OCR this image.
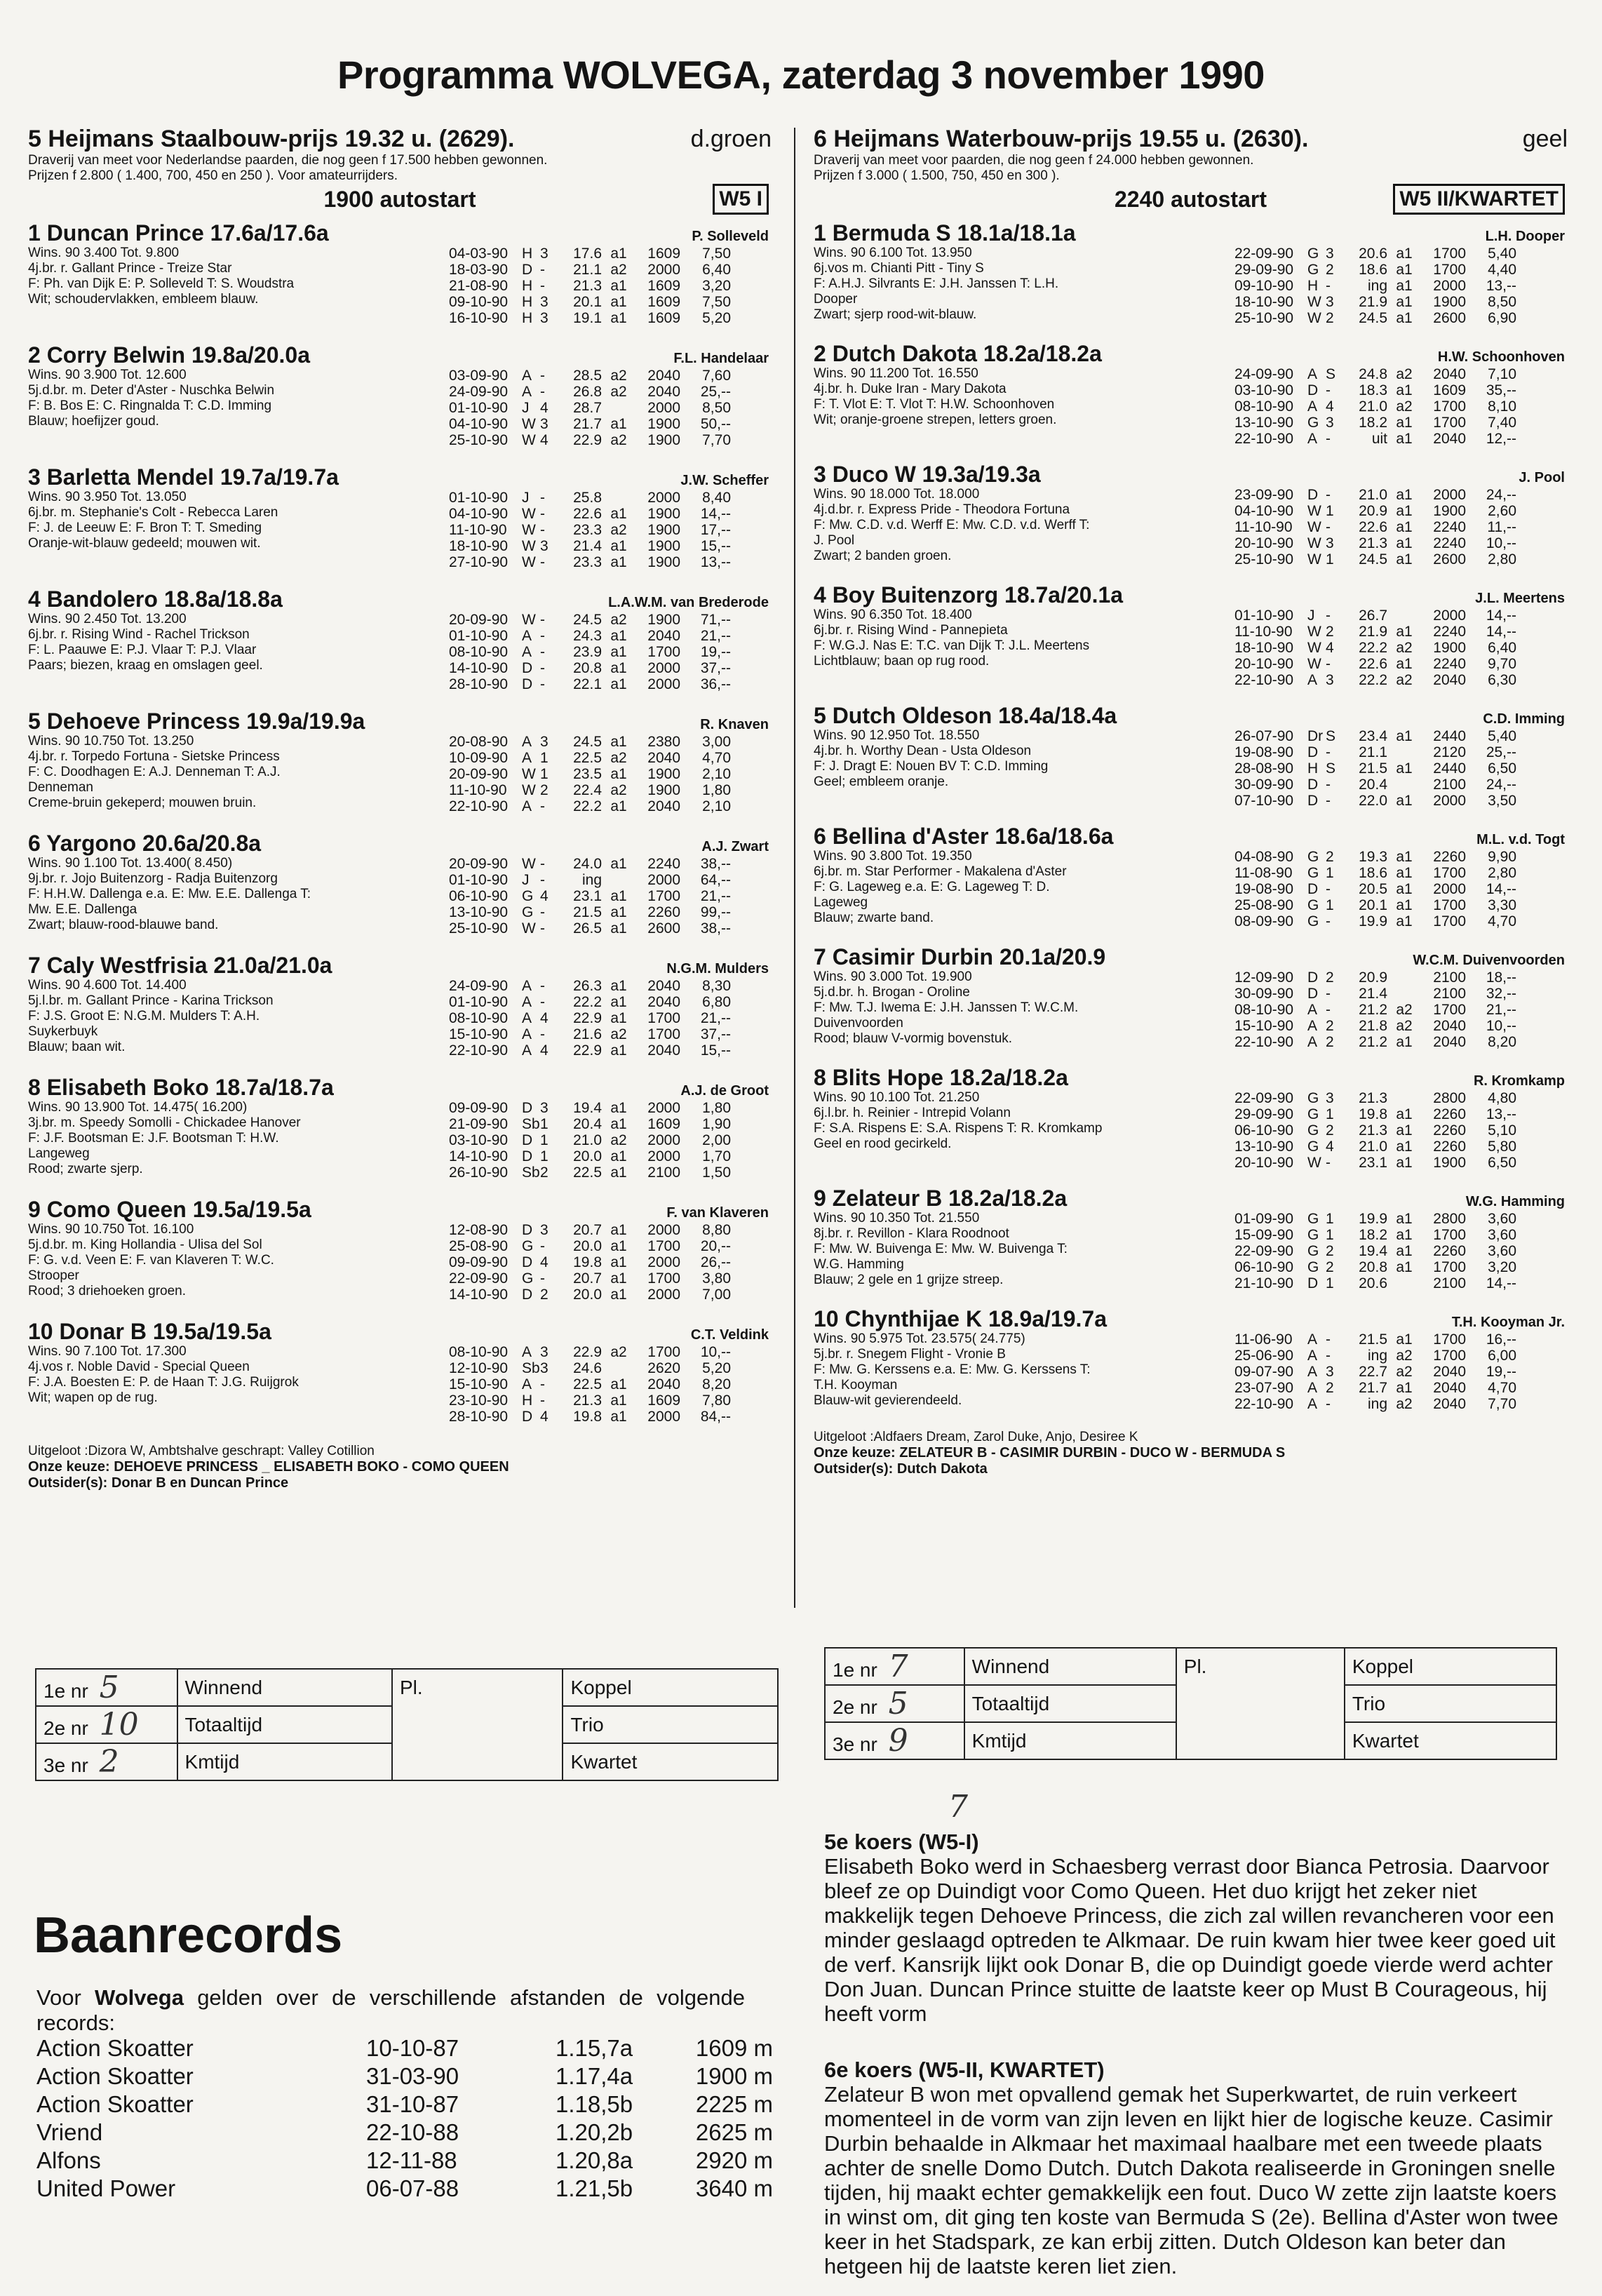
Programma WOLVEGA, zaterdag 3 november 1990
5 Heijmans Staalbouw-prijs 19.32 u. (2629).	d.groen
Draverij van meet voor Nederlandse paarden, die nog geen f 17.500 hebben gewonnen.
Prijzen f 2.800 ( 1.400, 700, 450 en 250 ). Voor amateurrijders.
1900 autostart	W5 I
1 Duncan Prince 17.6a/17.6a	P. Solleveld
Wins. 90 3.400 Tot. 9.800
4j.br. r. Gallant Prince - Treize Star
F: Ph. van Dijk E: P. Solleveld T: S. Woudstra
Wit; schoudervlakken, embleem blauw.
04-03-90 H 3	17.6 a1	1609	7,50
18-03-90 D -	21.1 a2	2000	6,40
21-08-90 H -	21.3 a1	1609	3,20
09-10-90 H 3	20.1 a1	1609	7,50
16-10-90 H 3	19.1 a1	1609	5,20
2 Corry Belwin 19.8a/20.0a	F.L. Handelaar
Wins. 90 3.900 Tot. 12.600
5j.d.br. m. Deter d'Aster - Nuschka Belwin
F: B. Bos E: C. Ringnalda T: C.D. Imming
Blauw; hoefijzer goud.
03-09-90 A -	28.5 a2	2040	7,60
24-09-90 A -	26.8 a2	2040	25,--
01-10-90 J 4	28.7	2000	8,50
04-10-90 W 3	21.7 a1	1900	50,--
25-10-90 W 4	22.9 a2	1900	7,70
3 Barletta Mendel 19.7a/19.7a	J.W. Scheffer
Wins. 90 3.950 Tot. 13.050
6j.br. m. Stephanie's Colt - Rebecca Laren
F: J. de Leeuw E: F. Bron T: T. Smeding
Oranje-wit-blauw gedeeld; mouwen wit.
01-10-90 J -	25.8	2000	8,40
04-10-90 W -	22.6 a1	1900	14,--
11-10-90	W -	23.3 a2	1900	17,--
18-10-90 W 3	21.4 a1	1900	15,--
27-10-90 W -	23.3 a1	1900	13,--
4 Bandolero 18.8a/18.8a	L.A.W.M. van Brederode
Wins. 90 2.450 Tot. 13.200
6j.br. r. Rising Wind - Rachel Trickson
F: L. Paauwe E: P.J. Vlaar T: P.J. Vlaar
Paars; biezen, kraag en omslagen geel.
20-09-90 W -	24.5 a2	1900	71,--
01-10-90 A -	24.3 a1	2040	21,--
08-10-90 A -	23.9 a1	1700	19,--
14-10-90 D -	20.8 a1	2000	37,--
28-10-90 D -	22.1 a1	2000	36,--
5 Dehoeve Princess 19.9a/19.9a	R. Knaven
Wins. 90 10.750 Tot. 13.250
4j.br. r. Torpedo Fortuna - Sietske Princess
F: C. Doodhagen E: A.J. Denneman T: A.J.
Denneman
Creme-bruin gekeperd; mouwen bruin.
20-08-90 A 3	24.5 a1	2380	3,00
10-09-90 A 1	22.5 a2	2040	4,70
20-09-90 W 1	23.5 a1	1900	2,10
11-10-90	W 2	22.4 a2	1900	1,80
22-10-90 A -	22.2 a1	2040	2,10
6 Yargono 20.6a/20.8a	A.J. Zwart
Wins. 90 1.100 Tot. 13.400( 8.450)
9j.br. r. Jojo Buitenzorg - Radja Buitenzorg
F: H.H.W. Dallenga e.a. E: Mw. E.E. Dallenga T:
Mw. E.E. Dallenga
Zwart; blauw-rood-blauwe band.
20-09-90 W -	24.0 a1	2240	38,--
01-10-90 J -	ing	2000	64,--
06-10-90 G 4	23.1 a1	1700	21,--
13-10-90 G -	21.5 a1	2260	99,--
25-10-90 W -	26.5 a1	2600	38,--
7 Caly Westfrisia 21.0a/21.0a	N.G.M. Mulders
Wins. 90 4.600 Tot. 14.400
5j.l.br. m. Gallant Prince - Karina Trickson
F: J.S. Groot E: N.G.M. Mulders T: A.H.
Suykerbuyk
Blauw; baan wit.
24-09-90 A -	26.3 a1	2040	8,30
01-10-90 A -	22.2 a1	2040	6,80
08-10-90 A 4	22.9 a1	1700	21,--
15-10-90 A -	21.6 a2	1700	37,--
22-10-90 A 4	22.9 a1	2040	15,--
8 Elisabeth Boko 18.7a/18.7a	A.J. de Groot
Wins. 90 13.900 Tot. 14.475( 16.200)
3j.br. m. Speedy Somolli - Chickadee Hanover
F: J.F. Bootsman E: J.F. Bootsman T: H.W.
Langeweg
Rood; zwarte sjerp.
09-09-90 D 3	19.4 a1	2000	1,80
21-09-90 Sb 1	20.4 a1	1609	1,90
03-10-90 D 1	21.0 a2	2000	2,00
14-10-90 D 1	20.0 a1	2000	1,70
26-10-90 Sb 2	22.5 a1	2100	1,50
9 Como Queen 19.5a/19.5a	F. van Klaveren
Wins. 90 10.750 Tot. 16.100
5j.d.br. m. King Hollandia - Ulisa del Sol
F: G. v.d. Veen E: F. van Klaveren T: W.C.
Strooper
Rood; 3 driehoeken groen.
12-08-90 D 3	20.7 a1	2000	8,80
25-08-90 G -	20.0 a1	1700	20,--
09-09-90 D 4	19.8 a1	2000	26,--
22-09-90 G -	20.7 a1	1700	3,80
14-10-90 D 2	20.0 a1	2000	7,00
10 Donar B 19.5a/19.5a	C.T. Veldink
Wins. 90 7.100 Tot. 17.300
4j.vos r. Noble David - Special Queen
F: J.A. Boesten E: P. de Haan T: J.G. Ruijgrok
Wit; wapen op de rug.
08-10-90 A 3	22.9 a2	1700	10,--
12-10-90 Sb 3	24.6	2620	5,20
15-10-90 A -	22.5 a1	2040	8,20
23-10-90 H -	21.3 a1	1609	7,80
28-10-90 D 4	19.8 a1	2000	84,--
Uitgeloot :Dizora W, Ambtshalve geschrapt: Valley Cotillion
Onze keuze: DEHOEVE PRINCESS _ ELISABETH BOKO - COMO QUEEN
Outsider(s): Donar B en Duncan Prince
6 Heijmans Waterbouw-prijs 19.55 u. (2630).	geel
Draverij van meet voor paarden, die nog geen f 24.000 hebben gewonnen.
Prijzen f 3.000 ( 1.500, 750, 450 en 300 ).
2240 autostart	W5 II/KWARTET
1 Bermuda S 18.1a/18.1a	L.H. Dooper
Wins. 90 6.100 Tot. 13.950
6j.vos m. Chianti Pitt - Tiny S
F: A.H.J. Silvrants E: J.H. Janssen T: L.H.
Dooper
Zwart; sjerp rood-wit-blauw.
22-09-90 G 3	20.6 a1	1700	5,40
29-09-90 G 2	18.6 a1	1700	4,40
09-10-90 H -	ing a1	2000	13,--
18-10-90 W 3	21.9 a1	1900	8,50
25-10-90 W 2	24.5 a1	2600	6,90
2 Dutch Dakota 18.2a/18.2a	H.W. Schoonhoven
Wins. 90 11.200 Tot. 16.550
4j.br. h. Duke Iran - Mary Dakota
F: T. Vlot E: T. Vlot T: H.W. Schoonhoven
Wit; oranje-groene strepen, letters groen.
24-09-90 A S	24.8 a2	2040	7,10
03-10-90 D -	18.3 a1	1609	35,--
08-10-90 A 4	21.0 a2	1700	8,10
13-10-90 G 3	18.2 a1	1700	7,40
22-10-90 A -	uit a1	2040	12,--
3 Duco W 19.3a/19.3a	J. Pool
Wins. 90 18.000 Tot. 18.000
4j.d.br. r. Express Pride - Theodora Fortuna
F: Mw. C.D. v.d. Werff E: Mw. C.D. v.d. Werff T:
J. Pool
Zwart; 2 banden groen.
23-09-90 D -	21.0 a1	2000	24,--
04-10-90 W 1	20.9 a1	1900	2,60
11-10-90	W -	22.6 a1	2240	11,--
20-10-90 W 3	21.3 a1	2240	10,--
25-10-90 W 1	24.5 a1	2600	2,80
4 Boy Buitenzorg 18.7a/20.1a	J.L. Meertens
Wins. 90 6.350 Tot. 18.400
6j.br. r. Rising Wind - Pannepieta
F: W.G.J. Nas E: T.C. van Dijk T: J.L. Meertens
Lichtblauw; baan op rug rood.
01-10-90 J -	26.7	2000	14,--
11-10-90	W 2	21.9 a1	2240	14,--
18-10-90 W 4	22.2 a2	1900	6,40
20-10-90 W -	22.6 a1	2240	9,70
22-10-90 A 3	22.2 a2	2040	6,30
5 Dutch Oldeson 18.4a/18.4a	C.D. Imming
Wins. 90 12.950 Tot. 18.550
4j.br. h. Worthy Dean - Usta Oldeson
F: J. Dragt E: Nouen BV T: C.D. Imming
Geel; embleem oranje.
26-07-90 Dr S	23.4 a1	2440	5,40
19-08-90 D -	21.1	2120	25,--
28-08-90 H S	21.5 a1	2440	6,50
30-09-90 D -	20.4	2100	24,--
07-10-90 D -	22.0 a1	2000	3,50
6 Bellina d'Aster 18.6a/18.6a	M.L. v.d. Togt
Wins. 90 3.800 Tot. 19.350
6j.br. m. Star Performer - Makalena d'Aster
F: G. Lageweg e.a. E: G. Lageweg T: D.
Lageweg
Blauw; zwarte band.
04-08-90 G 2	19.3 a1	2260	9,90
11-08-90	G 1	18.6 a1	1700	2,80
19-08-90 D -	20.5 a1	2000	14,--
25-08-90 G 1	20.1 a1	1700	3,30
08-09-90 G -	19.9 a1	1700	4,70
7 Casimir Durbin 20.1a/20.9	W.C.M. Duivenvoorden
Wins. 90 3.000 Tot. 19.900
5j.d.br. h. Brogan - Oroline
F: Mw. T.J. Iwema E: J.H. Janssen T: W.C.M.
Duivenvoorden
Rood; blauw V-vormig bovenstuk.
12-09-90 D 2	20.9	2100	18,--
30-09-90 D -	21.4	2100	32,--
08-10-90 A -	21.2 a2	1700	21,--
15-10-90 A 2	21.8 a2	2040	10,--
22-10-90 A 2	21.2 a1	2040	8,20
8 Blits Hope 18.2a/18.2a	R. Kromkamp
Wins. 90 10.100 Tot. 21.250
6j.l.br. h. Reinier - Intrepid Volann
F: S.A. Rispens E: S.A. Rispens T: R. Kromkamp
Geel en rood gecirkeld.
22-09-90 G 3	21.3	2800	4,80
29-09-90 G 1	19.8 a1	2260	13,--
06-10-90 G 2	21.3 a1	2260	5,10
13-10-90 G 4	21.0 a1	2260	5,80
20-10-90 W -	23.1 a1	1900	6,50
9 Zelateur B 18.2a/18.2a	W.G. Hamming
Wins. 90 10.350 Tot. 21.550
8j.br. r. Revillon - Klara Roodnoot
F: Mw. W. Buivenga E: Mw. W. Buivenga T:
W.G. Hamming
Blauw; 2 gele en 1 grijze streep.
01-09-90 G 1	19.9 a1	2800	3,60
15-09-90 G 1	18.2 a1	1700	3,60
22-09-90 G 2	19.4 a1	2260	3,60
06-10-90 G 2	20.8 a1	1700	3,20
21-10-90 D 1	20.6	2100	14,--
10 Chynthijae K 18.9a/19.7a	T.H. Kooyman Jr.
Wins. 90 5.975 Tot. 23.575( 24.775)
5j.br. r. Snegem Flight - Vronie B
F: Mw. G. Kerssens e.a. E: Mw. G. Kerssens T:
T.H. Kooyman
Blauw-wit gevierendeeld.
11-06-90	A -	21.5 a1	1700	16,--
25-06-90 A -	ing a2	1700	6,00
09-07-90 A 3	22.7 a2	2040	19,--
23-07-90 A 2	21.7 a1	2040	4,70
22-10-90 A -	ing a2	2040	7,70
Uitgeloot :Aldfaers Dream, Zarol Duke, Anjo, Desiree K
Onze keuze: ZELATEUR B - CASIMIR DURBIN - DUCO W - BERMUDA S
Outsider(s): Dutch Dakota
1e nr 5	Winnend	Pl.	Koppel
2e nr 10	Totaaltijd		Trio
3e nr 2	Kmtijd		Kwartet
1e nr 7	Winnend	Pl.	Koppel
2e nr 5	Totaaltijd		Trio
3e nr 9	Kmtijd		Kwartet
7
Baanrecords
Voor Wolvega gelden over de verschillende afstanden de volgende records:
Action Skoatter	10-10-87	1.15,7a	1609 m
Action Skoatter	31-03-90	1.17,4a	1900 m
Action Skoatter	31-10-87	1.18,5b	2225 m
Vriend	22-10-88	1.20,2b	2625 m
Alfons	12-11-88	1.20,8a	2920 m
United Power	06-07-88	1.21,5b	3640 m
5e koers (W5-I)

Elisabeth Boko werd in Schaesberg verrast door Bianca Petrosia. Daarvoor bleef ze op Duindigt voor Como Queen. Het duo krijgt het zeker niet makkelijk tegen Dehoeve Princess, die zich zal willen revancheren voor een minder geslaagd optreden te Alkmaar. De ruin kwam hier twee keer goed uit de verf. Kansrijk lijkt ook Donar B, die op Duindigt goede vierde werd achter Don Juan. Duncan Prince stuitte de laatste keer op Must B Courageous, hij heeft vorm

6e koers (W5-II, KWARTET)

Zelateur B won met opvallend gemak het Superkwartet, de ruin verkeert momenteel in de vorm van zijn leven en lijkt hier de logische keuze. Casimir Durbin behaalde in Alkmaar het maximaal haalbare met een tweede plaats achter de snelle Domo Dutch. Dutch Dakota realiseerde in Groningen snelle tijden, hij maakt echter gemakkelijk een fout. Duco W zette zijn laatste koers in winst om, dit ging ten koste van Bermuda S (2e). Bellina d'Aster won twee keer in het Stadspark, ze kan erbij zitten. Dutch Oldeson kan beter dan hetgeen hij de laatste keren liet zien.
